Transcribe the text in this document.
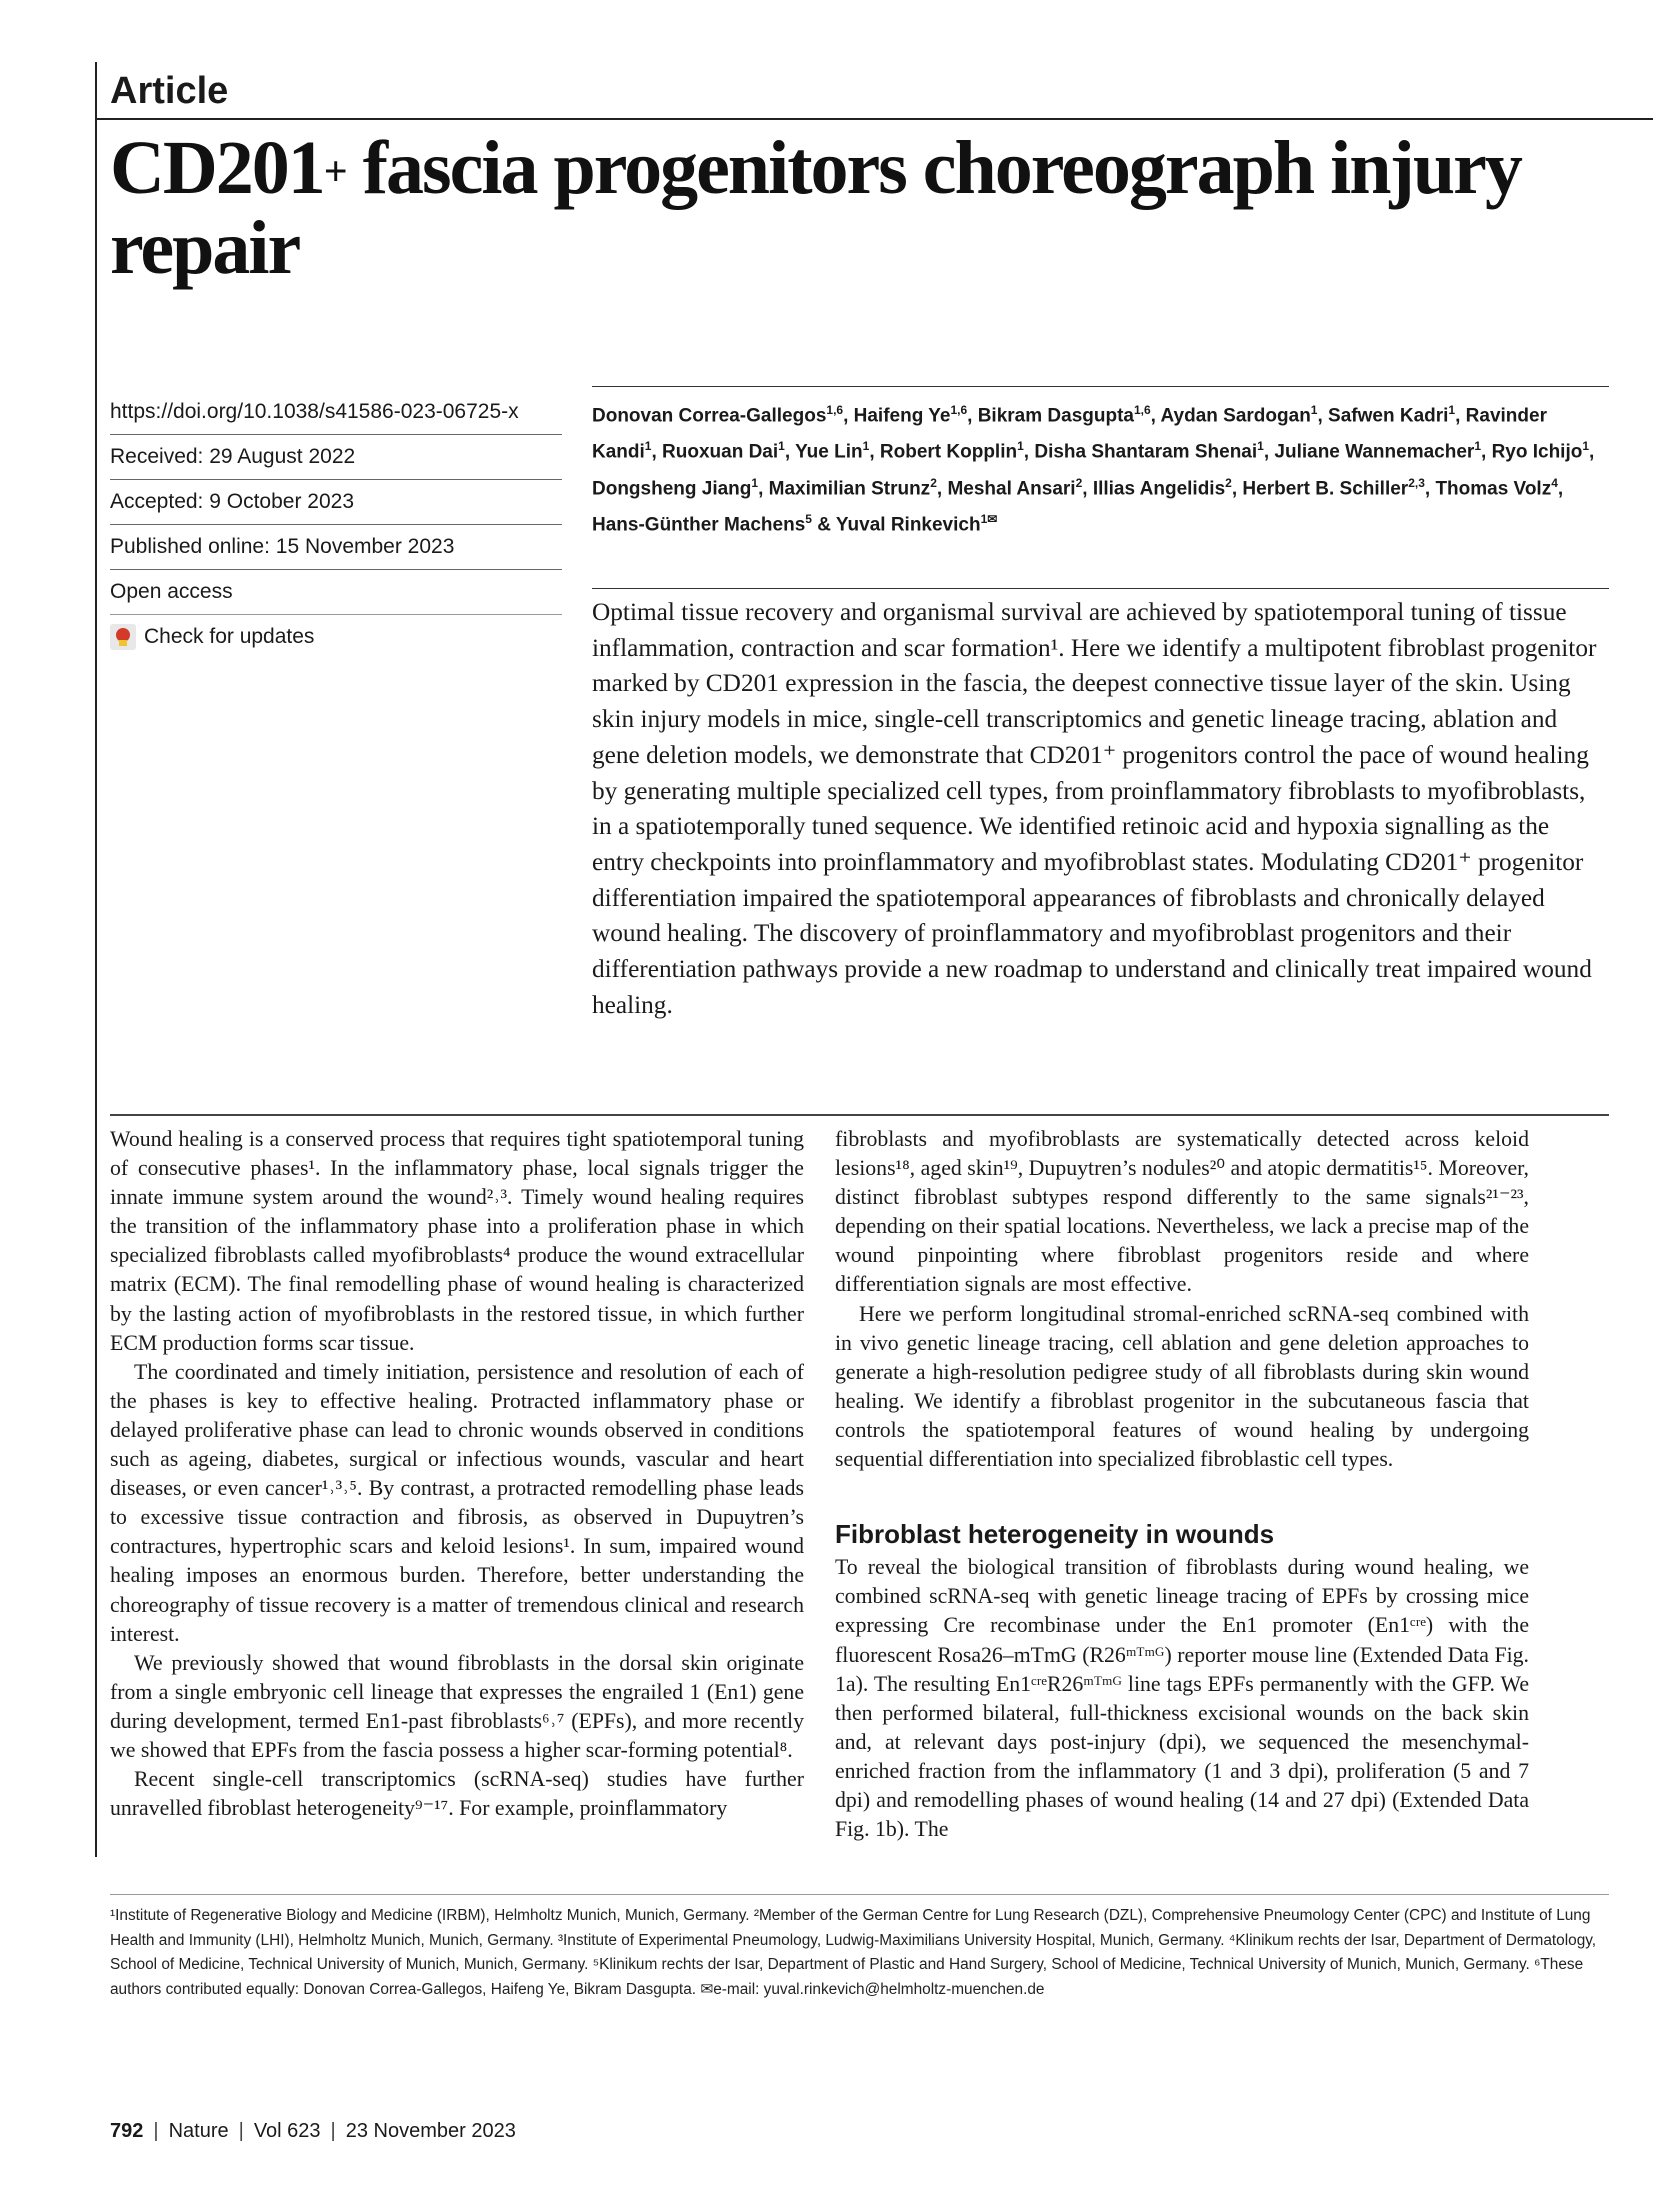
Article
CD201+ fascia progenitors choreograph injury repair
https://doi.org/10.1038/s41586-023-06725-x
Received: 29 August 2022
Accepted: 9 October 2023
Published online: 15 November 2023
Open access
Check for updates
Donovan Correa-Gallegos$^{1,6}$, Haifeng Ye$^{1,6}$, Bikram Dasgupta$^{1,6}$, Aydan Sardogan$^1$, Safwen Kadri$^1$, Ravinder Kandi$^1$, Ruoxuan Dai$^1$, Yue Lin$^1$, Robert Kopplin$^1$, Disha Shantaram Shenai$^1$, Juliane Wannemacher$^1$, Ryo Ichijo$^1$, Dongsheng Jiang$^1$, Maximilian Strunz$^2$, Meshal Ansari$^2$, Illias Angelidis$^2$, Herbert B. Schiller$^{2,3}$, Thomas Volz$^4$, Hans-Günther Machens$^5$ & Yuval Rinkevich$^{1✉}$
Optimal tissue recovery and organismal survival are achieved by spatiotemporal tuning of tissue inflammation, contraction and scar formation¹. Here we identify a multipotent fibroblast progenitor marked by CD201 expression in the fascia, the deepest connective tissue layer of the skin. Using skin injury models in mice, single-cell transcriptomics and genetic lineage tracing, ablation and gene deletion models, we demonstrate that CD201⁺ progenitors control the pace of wound healing by generating multiple specialized cell types, from proinflammatory fibroblasts to myofibroblasts, in a spatiotemporally tuned sequence. We identified retinoic acid and hypoxia signalling as the entry checkpoints into proinflammatory and myofibroblast states. Modulating CD201⁺ progenitor differentiation impaired the spatiotemporal appearances of fibroblasts and chronically delayed wound healing. The discovery of proinflammatory and myofibroblast progenitors and their differentiation pathways provide a new roadmap to understand and clinically treat impaired wound healing.

Wound healing is a conserved process that requires tight spatiotemporal tuning of consecutive phases¹. In the inflammatory phase, local signals trigger the innate immune system around the wound²˒³. Timely wound healing requires the transition of the inflammatory phase into a proliferation phase in which specialized fibroblasts called myofibroblasts⁴ produce the wound extracellular matrix (ECM). The final remodelling phase of wound healing is characterized by the lasting action of myofibroblasts in the restored tissue, in which further ECM production forms scar tissue.

The coordinated and timely initiation, persistence and resolution of each of the phases is key to effective healing. Protracted inflammatory phase or delayed proliferative phase can lead to chronic wounds observed in conditions such as ageing, diabetes, surgical or infectious wounds, vascular and heart diseases, or even cancer¹˒³˒⁵. By contrast, a protracted remodelling phase leads to excessive tissue contraction and fibrosis, as observed in Dupuytren’s contractures, hypertrophic scars and keloid lesions¹. In sum, impaired wound healing imposes an enormous burden. Therefore, better understanding the choreography of tissue recovery is a matter of tremendous clinical and research interest.

We previously showed that wound fibroblasts in the dorsal skin originate from a single embryonic cell lineage that expresses the engrailed 1 (En1) gene during development, termed En1-past fibroblasts⁶˒⁷ (EPFs), and more recently we showed that EPFs from the fascia possess a higher scar-forming potential⁸.

Recent single-cell transcriptomics (scRNA-seq) studies have further unravelled fibroblast heterogeneity⁹⁻¹⁷. For example, proinflammatory

fibroblasts and myofibroblasts are systematically detected across keloid lesions¹⁸, aged skin¹⁹, Dupuytren’s nodules²⁰ and atopic dermatitis¹⁵. Moreover, distinct fibroblast subtypes respond differently to the same signals²¹⁻²³, depending on their spatial locations. Nevertheless, we lack a precise map of the wound pinpointing where fibroblast progenitors reside and where differentiation signals are most effective.

Here we perform longitudinal stromal-enriched scRNA-seq combined with in vivo genetic lineage tracing, cell ablation and gene deletion approaches to generate a high-resolution pedigree study of all fibroblasts during skin wound healing. We identify a fibroblast progenitor in the subcutaneous fascia that controls the spatiotemporal features of wound healing by undergoing sequential differentiation into specialized fibroblastic cell types.

Fibroblast heterogeneity in wounds

To reveal the biological transition of fibroblasts during wound healing, we combined scRNA-seq with genetic lineage tracing of EPFs by crossing mice expressing Cre recombinase under the En1 promoter (En1ᶜʳᵉ) with the fluorescent Rosa26–mTmG (R26ᵐᵀᵐᴳ) reporter mouse line (Extended Data Fig. 1a). The resulting En1ᶜʳᵉR26ᵐᵀᵐᴳ line tags EPFs permanently with the GFP. We then performed bilateral, full-thickness excisional wounds on the back skin and, at relevant days post-injury (dpi), we sequenced the mesenchymal-enriched fraction from the inflammatory (1 and 3 dpi), proliferation (5 and 7 dpi) and remodelling phases of wound healing (14 and 27 dpi) (Extended Data Fig. 1b). The

¹Institute of Regenerative Biology and Medicine (IRBM), Helmholtz Munich, Munich, Germany. ²Member of the German Centre for Lung Research (DZL), Comprehensive Pneumology Center (CPC) and Institute of Lung Health and Immunity (LHI), Helmholtz Munich, Munich, Germany. ³Institute of Experimental Pneumology, Ludwig-Maximilians University Hospital, Munich, Germany. ⁴Klinikum rechts der Isar, Department of Dermatology, School of Medicine, Technical University of Munich, Munich, Germany. ⁵Klinikum rechts der Isar, Department of Plastic and Hand Surgery, School of Medicine, Technical University of Munich, Munich, Germany. ⁶These authors contributed equally: Donovan Correa-Gallegos, Haifeng Ye, Bikram Dasgupta. ✉e-mail: yuval.rinkevich@helmholtz-muenchen.de
792 | Nature | Vol 623 | 23 November 2023
